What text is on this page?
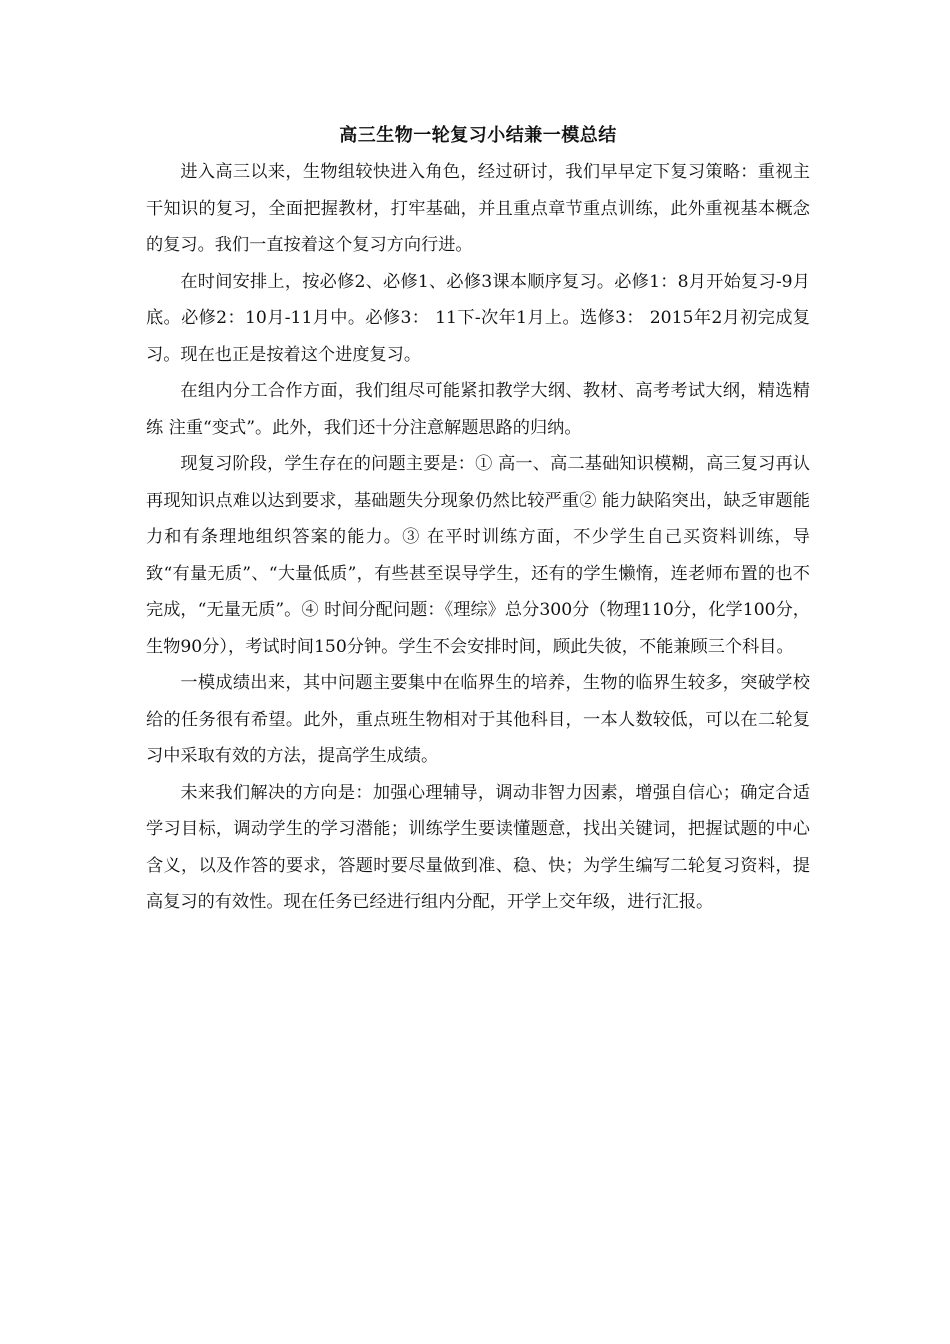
高三生物一轮复习小结兼一模总结

进入高三以来，生物组较快进入角色，经过研讨，我们早早定下复习策略：重视主干知识的复习，全面把握教材，打牢基础，并且重点章节重点训练，此外重视基本概念的复习。我们一直按着这个复习方向行进。

在时间安排上，按必修2、必修1、必修3课本顺序复习。必修1：8月开始复习-9月底。必修2：10月-11月中。必修3： 11下-次年1月上。选修3： 2015年2月初完成复习。现在也正是按着这个进度复习。

在组内分工合作方面，我们组尽可能紧扣教学大纲、教材、高考考试大纲，精选精练 注重“变式”。此外，我们还十分注意解题思路的归纳。

现复习阶段，学生存在的问题主要是：① 高一、高二基础知识模糊，高三复习再认再现知识点难以达到要求，基础题失分现象仍然比较严重② 能力缺陷突出，缺乏审题能力和有条理地组织答案的能力。③ 在平时训练方面，不少学生自己买资料训练，导致“有量无质”、“大量低质”，有些甚至误导学生，还有的学生懒惰，连老师布置的也不完成，“无量无质”。④ 时间分配问题：《理综》总分300分（物理110分，化学100分，生物90分），考试时间150分钟。学生不会安排时间，顾此失彼，不能兼顾三个科目。

一模成绩出来，其中问题主要集中在临界生的培养，生物的临界生较多，突破学校给的任务很有希望。此外，重点班生物相对于其他科目，一本人数较低，可以在二轮复习中采取有效的方法，提高学生成绩。

未来我们解决的方向是：加强心理辅导，调动非智力因素，增强自信心；确定合适学习目标，调动学生的学习潜能；训练学生要读懂题意，找出关键词，把握试题的中心含义，以及作答的要求，答题时要尽量做到准、稳、快；为学生编写二轮复习资料，提高复习的有效性。现在任务已经进行组内分配，开学上交年级，进行汇报。
